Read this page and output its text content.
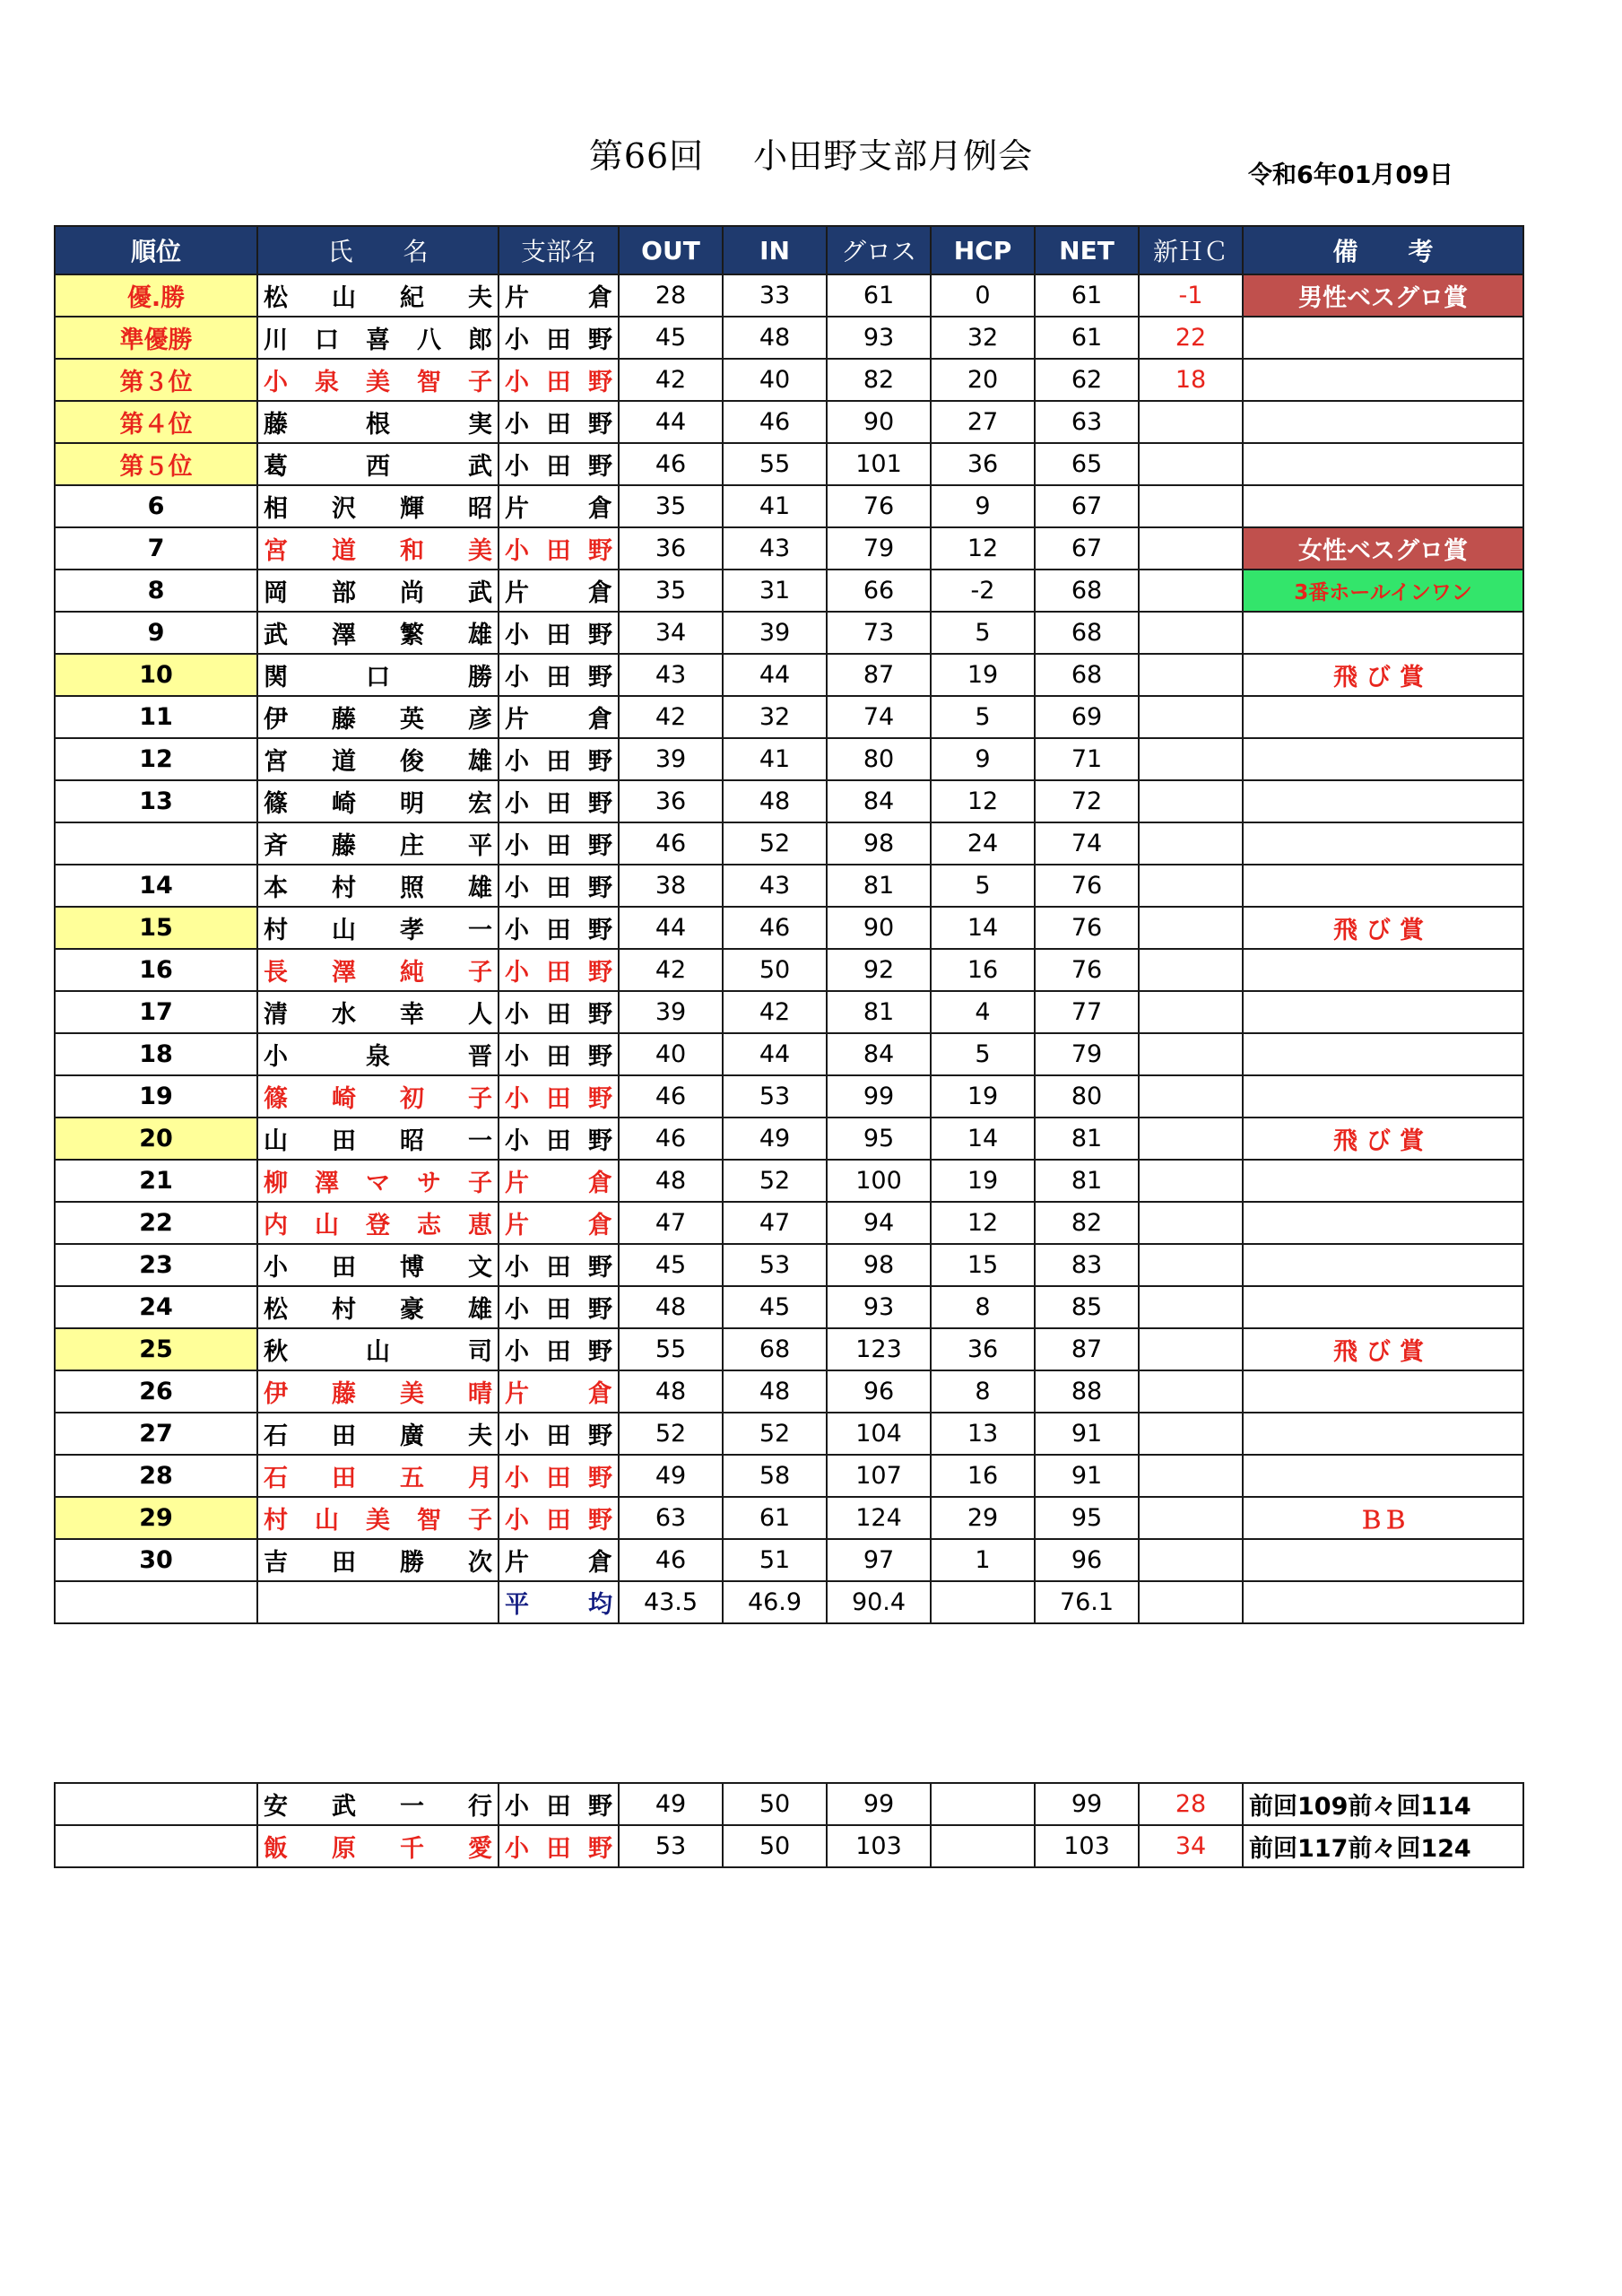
第66回 小田野支部月例会	令和6年01月09日
順位	氏　　名	支部名	OUT	IN	グロス	HCP	NET	新ＨＣ	備　　考

優.勝	松 山 紀 夫	片 倉	28	33	61	0	61	-1	男性ベスグロ賞

準優勝	川 口 喜 八 郎	小 田 野	45	48	93	32	61	22	

第３位	小 泉 美 智 子	小 田 野	42	40	82	20	62	18	

第４位	藤 根 実	小 田 野	44	46	90	27	63		

第５位	葛 西 武	小 田 野	46	55	101	36	65		
6	相 沢 輝 昭	片 倉	35	41	76	9	67		
7	宮 道 和 美	小 田 野	36	43	79	12	67		女性ベスグロ賞
8	岡 部 尚 武	片 倉	35	31	66	-2	68		3番ホールインワン
9	武 澤 繁 雄	小 田 野	34	39	73	5	68		
10	関 口 勝	小 田 野	43	44	87	19	68		飛び賞
11	伊 藤 英 彦	片 倉	42	32	74	5	69		
12	宮 道 俊 雄	小 田 野	39	41	80	9	71		
13	篠 崎 明 宏	小 田 野	36	48	84	12	72		

	斉 藤 庄 平	小 田 野	46	52	98	24	74		
14	本 村 照 雄	小 田 野	38	43	81	5	76		
15	村 山 孝 一	小 田 野	44	46	90	14	76		飛び賞
16	長 澤 純 子	小 田 野	42	50	92	16	76		
17	清 水 幸 人	小 田 野	39	42	81	4	77		
18	小 泉 晋	小 田 野	40	44	84	5	79		
19	篠 崎 初 子	小 田 野	46	53	99	19	80		
20	山 田 昭 一	小 田 野	46	49	95	14	81		飛び賞
21	柳 澤 マ サ 子	片 倉	48	52	100	19	81		
22	内 山 登 志 恵	片 倉	47	47	94	12	82		
23	小 田 博 文	小 田 野	45	53	98	15	83		
24	松 村 豪 雄	小 田 野	48	45	93	8	85		
25	秋 山 司	小 田 野	55	68	123	36	87		飛び賞
26	伊 藤 美 晴	片 倉	48	48	96	8	88		
27	石 田 廣 夫	小 田 野	52	52	104	13	91		
28	石 田 五 月	小 田 野	49	58	107	16	91		
29	村 山 美 智 子	小 田 野	63	61	124	29	95		ＢＢ
30	吉 田 勝 次	片 倉	46	51	97	1	96		

		平 均	43.5	46.9	90.4		76.1		

	安 武 一 行	小 田 野	49	50	99		99	28	前回109前々回114

	飯 原 千 愛	小 田 野	53	50	103		103	34	前回117前々回124
